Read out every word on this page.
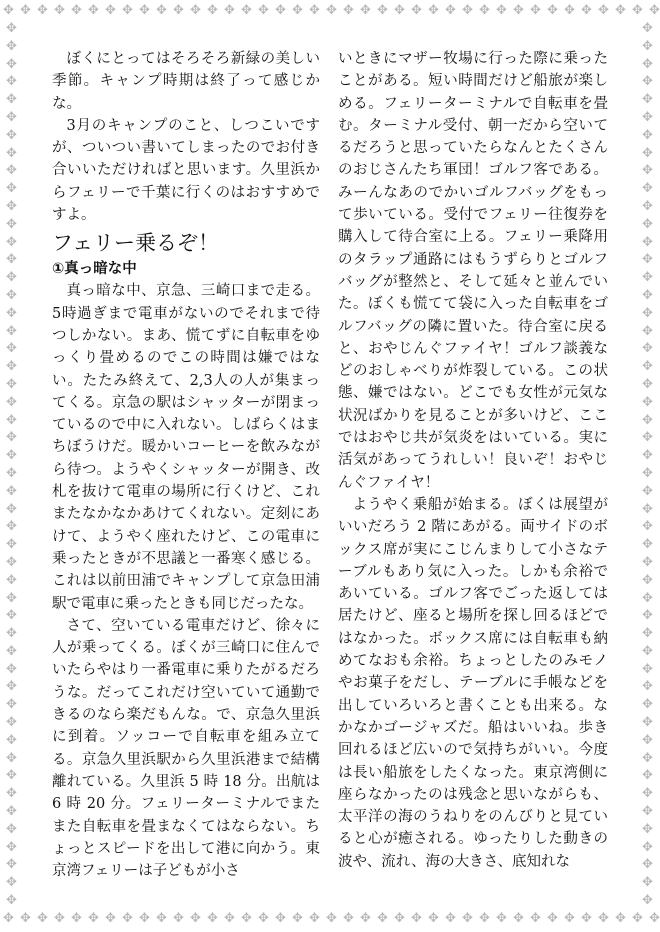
✥ ✥ ✥ ✥ ✥ ✥ ✥ ✥ ✥ ✥ ✥ ✥ ✥ ✥ ✥ ✥ ✥ ✥ ✥ ✥ ✥ ✥ ✥ ✥ ✥ ✥ ✥ ✥ ✥ ✥ ✥ ✥ ✥ ✥ ✥ ✥ ✥ ✥ ✥
✥ ✥ ✥ ✥ ✥ ✥ ✥ ✥ ✥ ✥ ✥ ✥ ✥ ✥ ✥ ✥ ✥ ✥ ✥ ✥ ✥ ✥ ✥ ✥ ✥ ✥ ✥ ✥ ✥ ✥ ✥ ✥ ✥ ✥ ✥ ✥ ✥ ✥ ✥
✥
✥
✥
✥
✥
✥
✥
✥
✥
✥
✥
✥
✥
✥
✥
✥
✥
✥
✥
✥
✥
✥
✥
✥
✥
✥
✥
✥
✥
✥
✥
✥
✥
✥
✥
✥
✥
✥
✥
✥
✥
✥
✥
✥
✥
✥
✥
✥
✥
✥
✥
✥
✥
✥
✥
✥
✥
✥
✥
✥
✥
✥
✥
✥
✥
✥
✥
✥
✥
✥
✥
✥
✥
✥
✥
✥
✥
✥
✥
✥
✥
✥
✥
✥
✥
✥
✥
✥
✥
✥
✥
✥
✥
✥
✥
✥
✥
✥
✥
✥

ぼくにとってはそろそろ新緑の美しい季節。キャンプ時期は終了って感じかな。

3月のキャンプのこと、しつこいですが、ついつい書いてしまったのでお付き合いいただければと思います。久里浜からフェリーで千葉に行くのはおすすめですよ。

フェリー乗るぞ！
①真っ暗な中

真っ暗な中、京急、三崎口まで走る。5時過ぎまで電車がないのでそれまで待つしかない。まあ、慌てずに自転車をゆっくり畳めるのでこの時間は嫌ではない。たたみ終えて、2,3人の人が集まってくる。京急の駅はシャッターが閉まっているので中に入れない。しばらくはまちぼうけだ。暖かいコーヒーを飲みながら待つ。ようやくシャッターが開き、改札を抜けて電車の場所に行くけど、これまたなかなかあけてくれない。定刻にあけて、ようやく座れたけど、この電車に乗ったときが不思議と一番寒く感じる。これは以前田浦でキャンプして京急田浦駅で電車に乗ったときも同じだったな。

さて、空いている電車だけど、徐々に人が乗ってくる。ぼくが三崎口に住んでいたらやはり一番電車に乗りたがるだろうな。だってこれだけ空いていて通勤できるのなら楽だもんな。で、京急久里浜に到着。ソッコーで自転車を組み立てる。京急久里浜駅から久里浜港まで結構離れている。久里浜 5 時 18 分。出航は 6 時 20 分。フェリーターミナルでまたまた自転車を畳まなくてはならない。ちょっとスピードを出して港に向かう。東京湾フェリーは子どもが小さ

いときにマザー牧場に行った際に乗ったことがある。短い時間だけど船旅が楽しめる。フェリーターミナルで自転車を畳む。ターミナル受付、朝一だから空いてるだろうと思っていたらなんとたくさんのおじさんたち軍団！ゴルフ客である。みーんなあのでかいゴルフバッグをもって歩いている。受付でフェリー往復券を購入して待合室に上る。フェリー乗降用のタラップ通路にはもうずらりとゴルフバッグが整然と、そして延々と並んでいた。ぼくも慌てて袋に入った自転車をゴルフバッグの隣に置いた。待合室に戻ると、おやじんぐファイヤ！ゴルフ談義などのおしゃべりが炸裂している。この状態、嫌ではない。どこでも女性が元気な状況ばかりを見ることが多いけど、ここではおやじ共が気炎をはいている。実に活気があってうれしい！良いぞ！おやじんぐファイヤ！

ようやく乗船が始まる。ぼくは展望がいいだろう 2 階にあがる。両サイドのボックス席が実にこじんまりして小さなテーブルもあり気に入った。しかも余裕であいている。ゴルフ客でごった返しては居たけど、座ると場所を探し回るほどではなかった。ボックス席には自転車も納めてなおも余裕。ちょっとしたのみモノやお菓子をだし、テーブルに手帳などを出していろいろと書くことも出来る。なかなかゴージャズだ。船はいいね。歩き回れるほど広いので気持ちがいい。今度は長い船旅をしたくなった。東京湾側に座らなかったのは残念と思いながらも、太平洋の海のうねりをのんびりと見ていると心が癒される。ゆったりした動きの波や、流れ、海の大きさ、底知れな
